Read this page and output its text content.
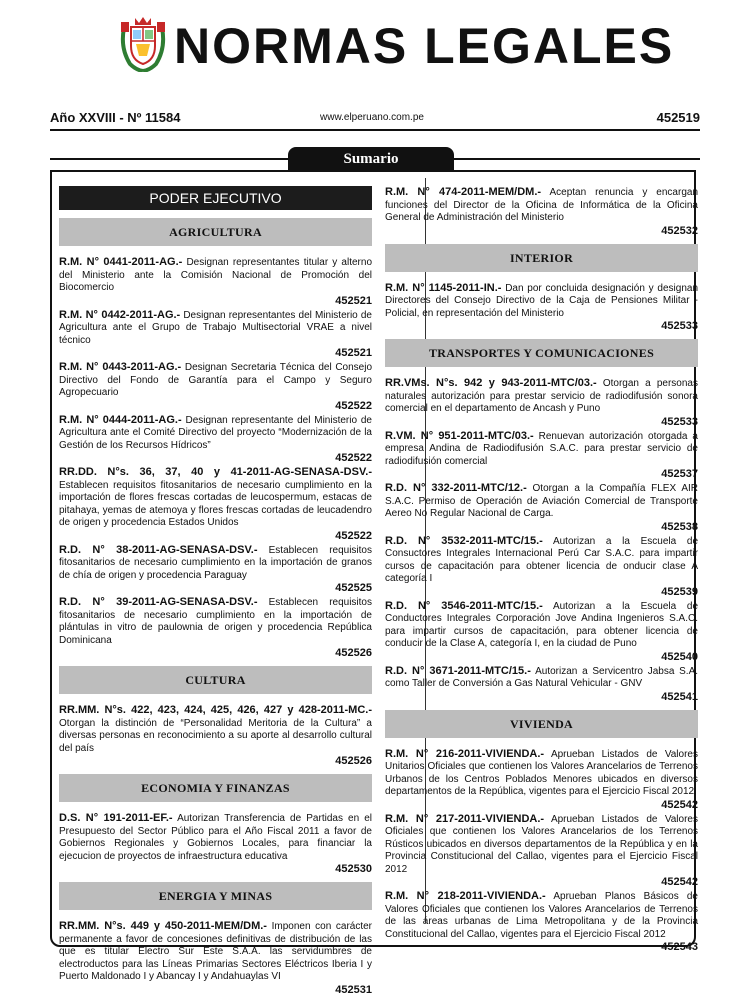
NORMAS LEGALES
Año XXVIII - Nº 11584	www.elperuano.com.pe	452519
Sumario
PODER EJECUTIVO
AGRICULTURA
R.M. N° 0441-2011-AG.- Designan representantes titular y alterno del Ministerio ante la Comisión Nacional de Promoción del Biocomercio
452521
R.M. N° 0442-2011-AG.- Designan representantes del Ministerio de Agricultura ante el Grupo de Trabajo Multisectorial VRAE a nivel técnico
452521
R.M. N° 0443-2011-AG.- Designan Secretaria Técnica del Consejo Directivo del Fondo de Garantía para el Campo y Seguro Agropecuario
452522
R.M. N° 0444-2011-AG.- Designan representante del Ministerio de Agricultura ante el Comité Directivo del proyecto “Modernización de la Gestión de los Recursos Hídricos”
452522
RR.DD. N°s. 36, 37, 40 y 41-2011-AG-SENASA-DSV.- Establecen requisitos fitosanitarios de necesario cumplimiento en la importación de flores frescas cortadas de leucospermum, estacas de pitahaya, yemas de atemoya y flores frescas cortadas de leucadendro de origen y procedencia Estados Unidos
452522
R.D. N° 38-2011-AG-SENASA-DSV.- Establecen requisitos fitosanitarios de necesario cumplimiento en la importación de granos de chía de origen y procedencia Paraguay
452525
R.D. N° 39-2011-AG-SENASA-DSV.- Establecen requisitos fitosanitarios de necesario cumplimiento en la importación de plántulas in vitro de paulownia de origen y procedencia República Dominicana
452526
CULTURA
RR.MM. N°s. 422, 423, 424, 425, 426, 427 y 428-2011-MC.- Otorgan la distinción de “Personalidad Meritoria de la Cultura” a diversas personas en reconocimiento a su aporte al desarrollo cultural del país
452526
ECONOMIA Y FINANZAS
D.S. N° 191-2011-EF.- Autorizan Transferencia de Partidas en el Presupuesto del Sector Público para el Año Fiscal 2011 a favor de Gobiernos Regionales y Gobiernos Locales, para financiar la ejecucion de proyectos de infraestructura educativa
452530
ENERGIA Y MINAS
RR.MM. N°s. 449 y 450-2011-MEM/DM.- Imponen con carácter permanente a favor de concesiones definitivas de distribución de las que es titular Electro Sur Este S.A.A. las servidumbres de electroductos para las Líneas Primarias Sectores Eléctricos Iberia I y Puerto Maldonado I y Abancay I y Andahuaylas VI
452531
R.M. N° 474-2011-MEM/DM.- Aceptan renuncia y encargan funciones del Director de la Oficina de Informática de la Oficina General de Administración del Ministerio
452532
INTERIOR
R.M. N° 1145-2011-IN.- Dan por concluida designación y designan Directores del Consejo Directivo de la Caja de Pensiones Militar - Policial, en representación del Ministerio
452533
TRANSPORTES Y COMUNICACIONES
RR.VMs. N°s. 942 y 943-2011-MTC/03.- Otorgan a personas naturales autorización para prestar servicio de radiodifusión sonora comercial en el departamento de Ancash y Puno
452533
R.VM. N° 951-2011-MTC/03.- Renuevan autorización otorgada a empresa Andina de Radiodifusión S.A.C. para prestar servicio de radiodifusión comercial
452537
R.D. N° 332-2011-MTC/12.- Otorgan a la Compañía FLEX AIR S.A.C. Permiso de Operación de Aviación Comercial de Transporte Aereo No Regular Nacional de Carga.
452538
R.D. N° 3532-2011-MTC/15.- Autorizan a la Escuela de Consuctores Integrales Internacional Perú Car S.A.C. para impartir cursos de capacitación para obtener licencia de onducir clase A categoría I
452539
R.D. N° 3546-2011-MTC/15.- Autorizan a la Escuela de Conductores Integrales Corporación Jove Andina Ingenieros S.A.C. para impartir cursos de capacitación, para obtener licencia de conducir de la Clase A, categoría I, en la ciudad de Puno
452540
R.D. N° 3671-2011-MTC/15.- Autorizan a Servicentro Jabsa S.A. como Taller de Conversión a Gas Natural Vehicular - GNV
452541
VIVIENDA
R.M. N° 216-2011-VIVIENDA.- Aprueban Listados de Valores Unitarios Oficiales que contienen los Valores Arancelarios de Terrenos Urbanos de los Centros Poblados Menores ubicados en diversos departamentos de la República, vigentes para el Ejercicio Fiscal 2012
452542
R.M. N° 217-2011-VIVIENDA.- Aprueban Listados de Valores Oficiales que contienen los Valores Arancelarios de los Terrenos Rústicos ubicados en diversos departamentos de la República y en la Provincia Constitucional del Callao, vigentes para el Ejercicio Fiscal 2012
452542
R.M. N° 218-2011-VIVIENDA.- Aprueban Planos Básicos de Valores Oficiales que contienen los Valores Arancelarios de Terrenos de las áreas urbanas de Lima Metropolitana y de la Provincia Constitucional del Callao, vigentes para el Ejercicio Fiscal 2012
452543
